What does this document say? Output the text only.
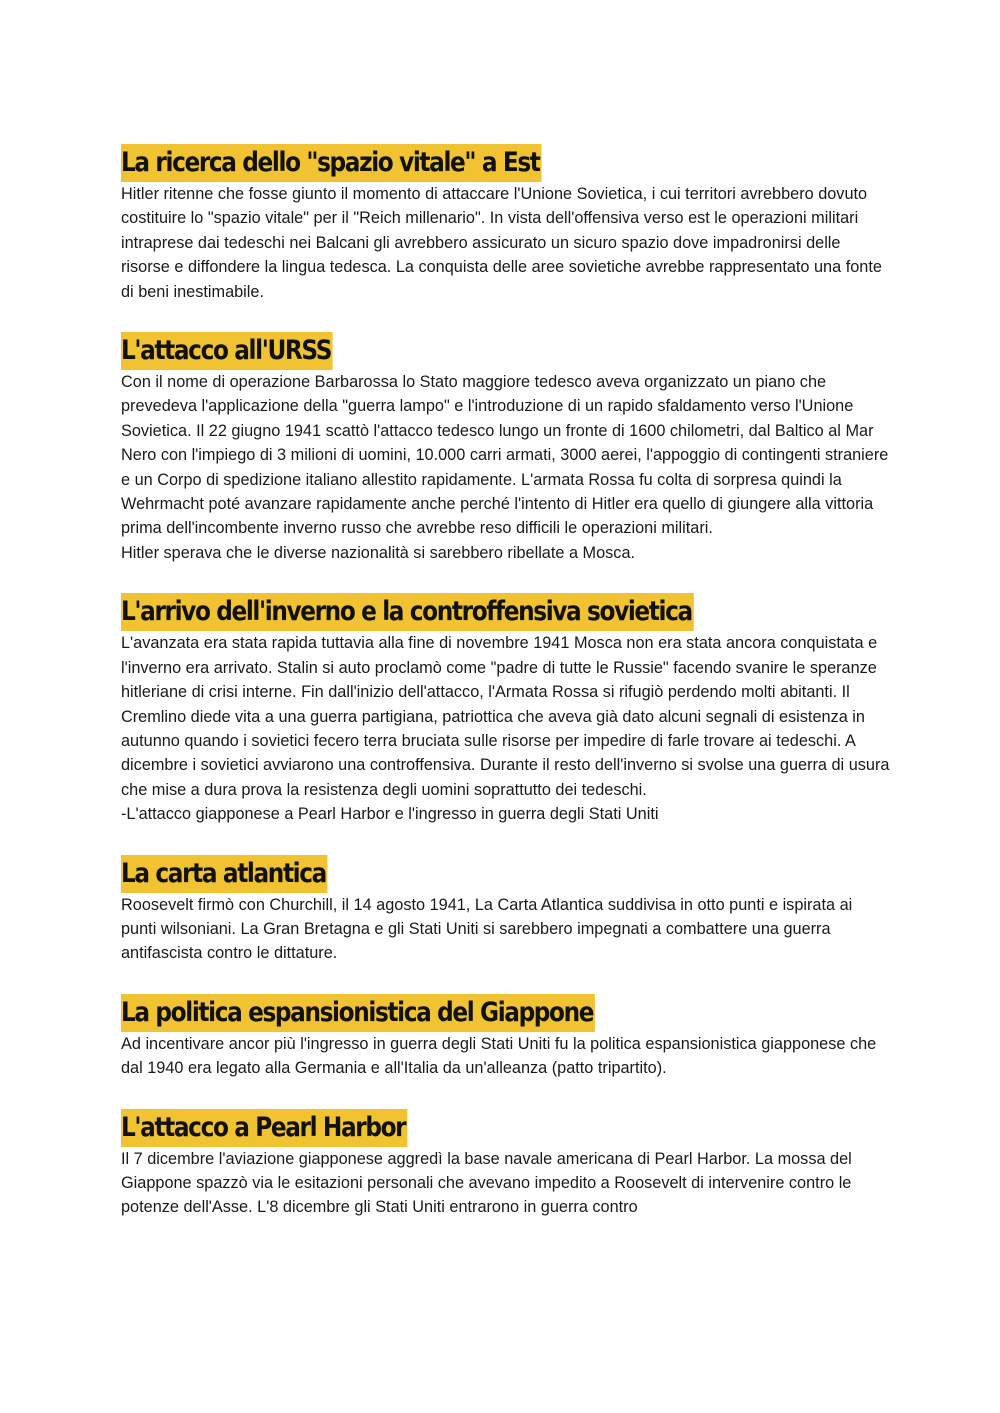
La ricerca dello "spazio vitale" a Est

Hitler ritenne che fosse giunto il momento di attaccare l'Unione Sovietica, i cui territori avrebbero dovuto costituire lo "spazio vitale" per il "Reich millenario". In vista dell'offensiva verso est le operazioni militari intraprese dai tedeschi nei Balcani gli avrebbero assicurato un sicuro spazio dove impadronirsi delle risorse e diffondere la lingua tedesca. La conquista delle aree sovietiche avrebbe rappresentato una fonte di beni inestimabile.

L'attacco all'URSS

Con il nome di operazione Barbarossa lo Stato maggiore tedesco aveva organizzato un piano che prevedeva l'applicazione della "guerra lampo" e l'introduzione di un rapido sfaldamento verso l'Unione Sovietica. Il 22 giugno 1941 scattò l'attacco tedesco lungo un fronte di 1600 chilometri, dal Baltico al Mar Nero con l'impiego di 3 milioni di uomini, 10.000 carri armati, 3000 aerei, l'appoggio di contingenti straniere e un Corpo di spedizione italiano allestito rapidamente. L'armata Rossa fu colta di sorpresa quindi la Wehrmacht poté avanzare rapidamente anche perché l'intento di Hitler era quello di giungere alla vittoria prima dell'incombente inverno russo che avrebbe reso difficili le operazioni militari.

Hitler sperava che le diverse nazionalità si sarebbero ribellate a Mosca.

L'arrivo dell'inverno e la controffensiva sovietica

L'avanzata era stata rapida tuttavia alla fine di novembre 1941 Mosca non era stata ancora conquistata e l'inverno era arrivato. Stalin si auto proclamò come "padre di tutte le Russie" facendo svanire le speranze hitleriane di crisi interne. Fin dall'inizio dell'attacco, l'Armata Rossa si rifugiò perdendo molti abitanti. Il Cremlino diede vita a una guerra partigiana, patriottica che aveva già dato alcuni segnali di esistenza in autunno quando i sovietici fecero terra bruciata sulle risorse per impedire di farle trovare ai tedeschi. A dicembre i sovietici avviarono una controffensiva. Durante il resto dell'inverno si svolse una guerra di usura che mise a dura prova la resistenza degli uomini soprattutto dei tedeschi.

-L'attacco giapponese a Pearl Harbor e l'ingresso in guerra degli Stati Uniti

La carta atlantica

Roosevelt firmò con Churchill, il 14 agosto 1941, La Carta Atlantica suddivisa in otto punti e ispirata ai punti wilsoniani. La Gran Bretagna e gli Stati Uniti si sarebbero impegnati a combattere una guerra antifascista contro le dittature.

La politica espansionistica del Giappone

Ad incentivare ancor più l'ingresso in guerra degli Stati Uniti fu la politica espansionistica giapponese che dal 1940 era legato alla Germania e all'Italia da un'alleanza (patto tripartito).

L'attacco a Pearl Harbor

Il 7 dicembre l'aviazione giapponese aggredì la base navale americana di Pearl Harbor. La mossa del Giappone spazzò via le esitazioni personali che avevano impedito a Roosevelt di intervenire contro le potenze dell'Asse. L'8 dicembre gli Stati Uniti entrarono in guerra contro
